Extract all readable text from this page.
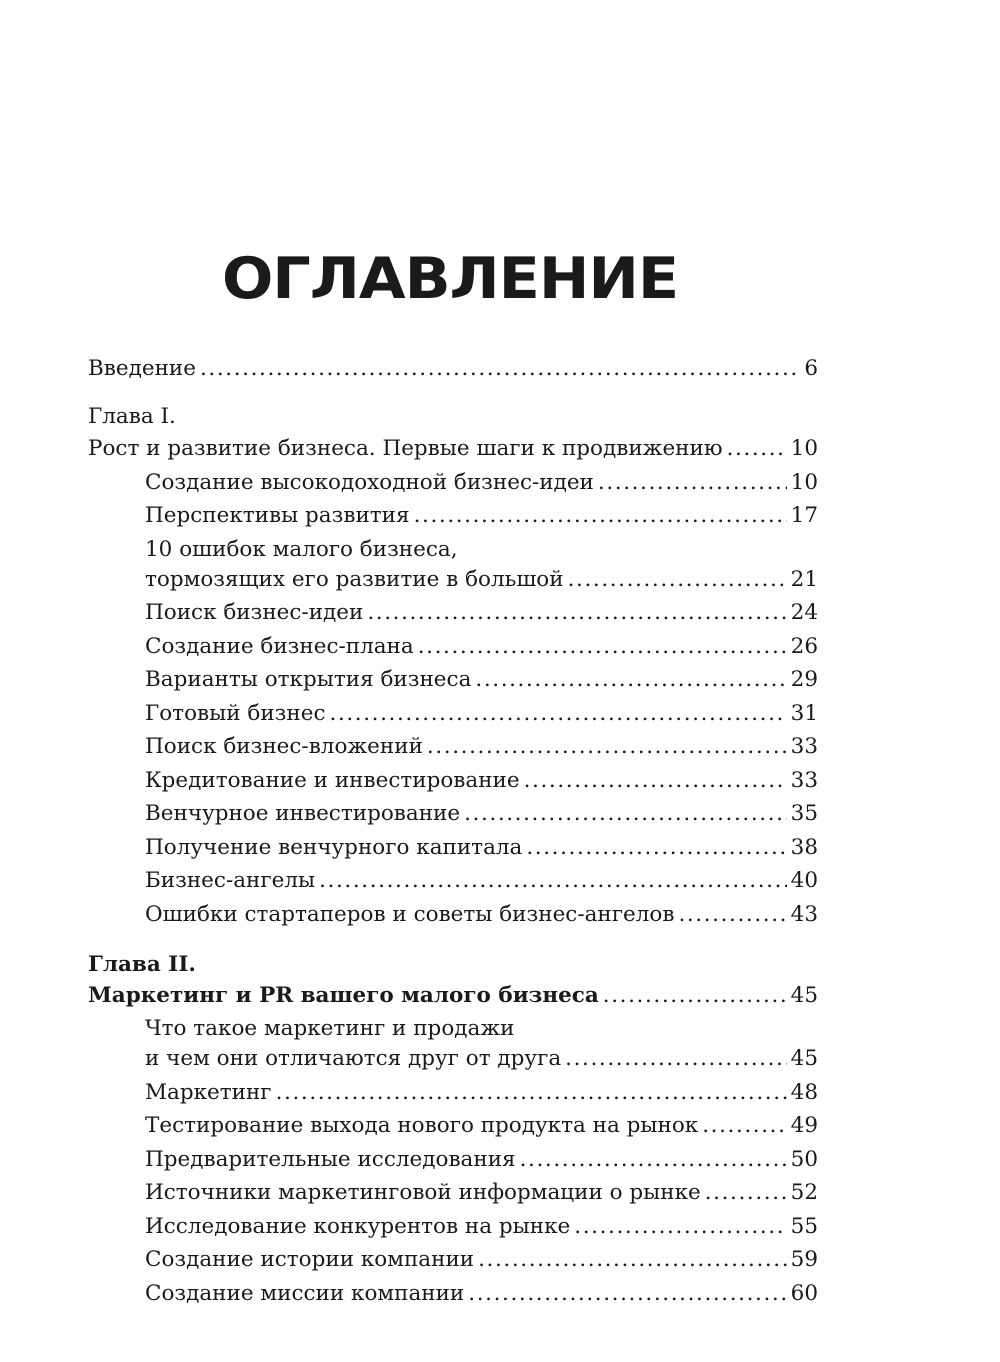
ОГЛАВЛЕНИЕ
Введение .....	6
Глава I.
Рост и развитие бизнеса. Первые шаги к продвижению .....	10
Создание высокодоходной бизнес-идеи .....	10
Перспективы развития .....	17
10 ошибок малого бизнеса,
тормозящих его развитие в большой .....	21
Поиск бизнес-идеи .....	24
Создание бизнес-плана .....	26
Варианты открытия бизнеса .....	29
Готовый бизнес .....	31
Поиск бизнес-вложений .....	33
Кредитование и инвестирование .....	33
Венчурное инвестирование .....	35
Получение венчурного капитала .....	38
Бизнес-ангелы .....	40
Ошибки стартаперов и советы бизнес-ангелов .....	43
Глава II.
Маркетинг и PR вашего малого бизнеса .....	45
Что такое маркетинг и продажи
и чем они отличаются друг от друга .....	45
Маркетинг .....	48
Тестирование выхода нового продукта на рынок .....	49
Предварительные исследования .....	50
Источники маркетинговой информации о рынке .....	52
Исследование конкурентов на рынке .....	55
Создание истории компании .....	59
Создание миссии компании .....	60
